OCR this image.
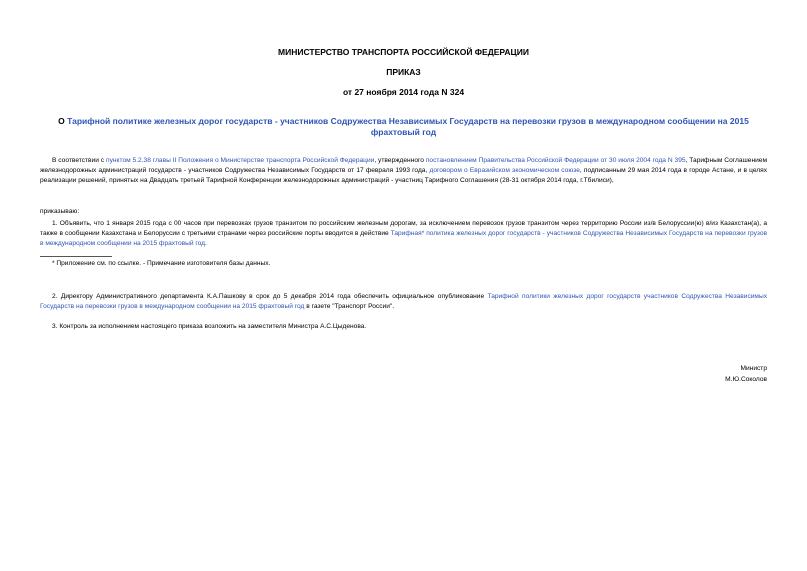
МИНИСТЕРСТВО ТРАНСПОРТА РОССИЙСКОЙ ФЕДЕРАЦИИ
ПРИКАЗ
от 27 ноября 2014 года N 324
О Тарифной политике железных дорог государств - участников Содружества Независимых Государств на перевозки грузов в международном сообщении на 2015 фрахтовый год
В соответствии с пунктом 5.2.38 главы II Положения о Министерстве транспорта Российской Федерации, утвержденного постановлением Правительства Российской Федерации от 30 июля 2004 года N 395, Тарифным Соглашением железнодорожных администраций государств - участников Содружества Независимых Государств от 17 февраля 1993 года, договором о Евразийском экономическом союзе, подписанным 29 мая 2014 года в городе Астане, и в целях реализации решений, принятых на Двадцать третьей Тарифной Конференции железнодорожных администраций - участниц Тарифного Соглашения (28-31 октября 2014 года, г.Тбилиси),
приказываю:
1. Объявить, что 1 января 2015 года с 00 часов при перевозках грузов транзитом по российским железным дорогам, за исключением перевозок грузов транзитом через территорию России из/в Белоруссии(ю) в/из Казахстан(а), а также в сообщении Казахстана и Белоруссии с третьими странами через российские порты вводится в действие Тарифная* политика железных дорог государств - участников Содружества Независимых Государств на перевозки грузов в международном сообщении на 2015 фрахтовый год.
* Приложение см. по ссылке. - Примечание изготовителя базы данных.
2. Директору Административного департамента К.А.Пашкову в срок до 5 декабря 2014 года обеспечить официальное опубликование Тарифной политики железных дорог государств участников Содружества Независимых Государств на перевозки грузов в международном сообщении на 2015 фрахтовый год в газете "Транспорт России".
3. Контроль за исполнением настоящего приказа возложить на заместителя Министра А.С.Цыденова.
Министр
М.Ю.Соколов
